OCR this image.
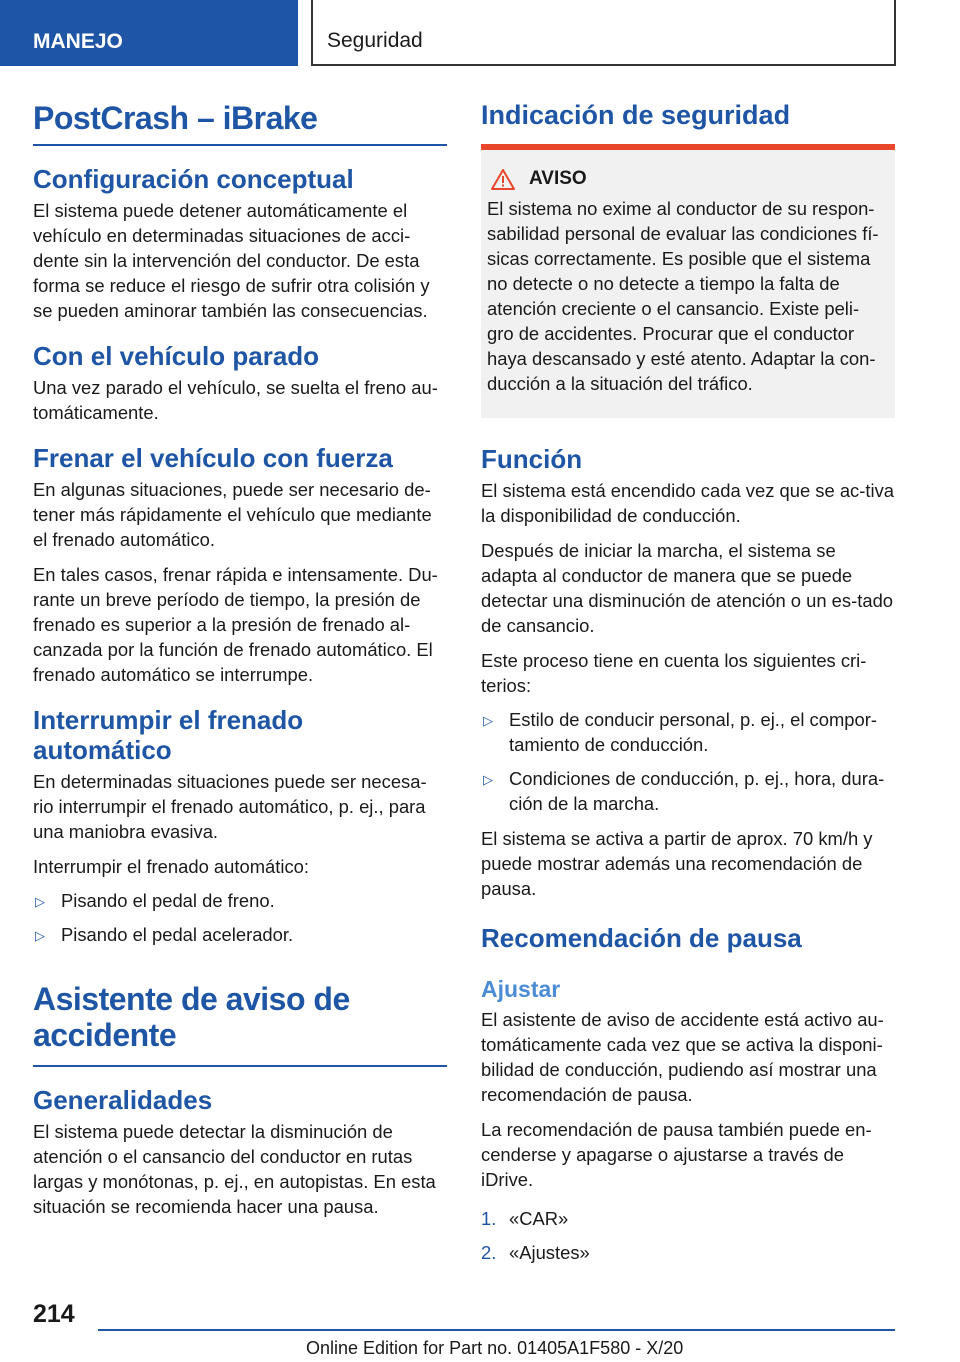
MANEJO	Seguridad
PostCrash – iBrake
Configuración conceptual
El sistema puede detener automáticamente el vehículo en determinadas situaciones de acci-dente sin la intervención del conductor. De esta forma se reduce el riesgo de sufrir otra colisión y se pueden aminorar también las consecuencias.
Con el vehículo parado
Una vez parado el vehículo, se suelta el freno au-tomáticamente.
Frenar el vehículo con fuerza
En algunas situaciones, puede ser necesario de-tener más rápidamente el vehículo que mediante el frenado automático.
En tales casos, frenar rápida e intensamente. Du-rante un breve período de tiempo, la presión de frenado es superior a la presión de frenado al-canzada por la función de frenado automático. El frenado automático se interrumpe.
Interrumpir el frenado automático
En determinadas situaciones puede ser necesa-rio interrumpir el frenado automático, p. ej., para una maniobra evasiva.
Interrumpir el frenado automático:
▷ Pisando el pedal de freno.
▷ Pisando el pedal acelerador.
Asistente de aviso de accidente
Generalidades
El sistema puede detectar la disminución de atención o el cansancio del conductor en rutas largas y monótonas, p. ej., en autopistas. En esta situación se recomienda hacer una pausa.
Indicación de seguridad
AVISO
El sistema no exime al conductor de su respon-sabilidad personal de evaluar las condiciones fí-sicas correctamente. Es posible que el sistema no detecte o no detecte a tiempo la falta de atención creciente o el cansancio. Existe peli-gro de accidentes. Procurar que el conductor haya descansado y esté atento. Adaptar la con-ducción a la situación del tráfico.
Función
El sistema está encendido cada vez que se ac-tiva la disponibilidad de conducción.
Después de iniciar la marcha, el sistema se adapta al conductor de manera que se puede detectar una disminución de atención o un es-tado de cansancio.
Este proceso tiene en cuenta los siguientes cri-terios:
▷ Estilo de conducir personal, p. ej., el compor-tamiento de conducción.
▷ Condiciones de conducción, p. ej., hora, dura-ción de la marcha.
El sistema se activa a partir de aprox. 70 km/h y puede mostrar además una recomendación de pausa.
Recomendación de pausa
Ajustar
El asistente de aviso de accidente está activo au-tomáticamente cada vez que se activa la disponi-bilidad de conducción, pudiendo así mostrar una recomendación de pausa.
La recomendación de pausa también puede en-cenderse y apagarse o ajustarse a través de iDrive.
1. «CAR»
2. «Ajustes»
214
Online Edition for Part no. 01405A1F580 - X/20
